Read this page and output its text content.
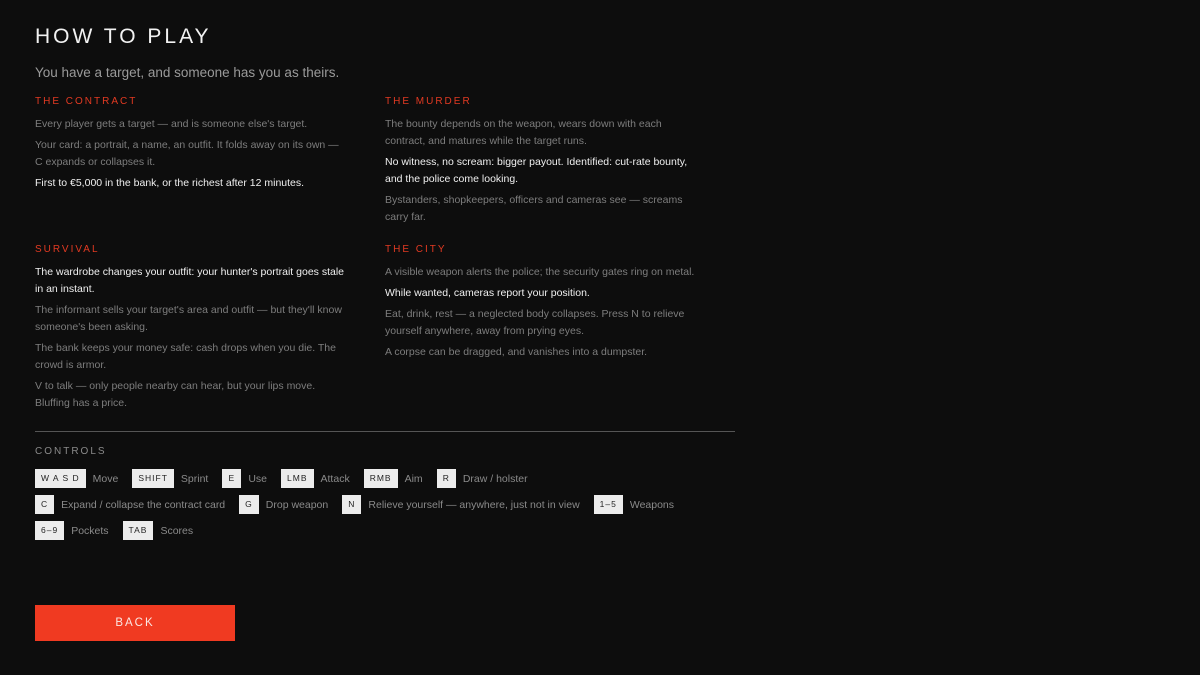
HOW TO PLAY
You have a target, and someone has you as theirs.
THE CONTRACT

Every player gets a target — and is someone else's target.

Your card: a portrait, a name, an outfit. It folds away on its own — C expands or collapses it.

First to €5,000 in the bank, or the richest after 12 minutes.

THE MURDER

The bounty depends on the weapon, wears down with each contract, and matures while the target runs.

No witness, no scream: bigger payout. Identified: cut-rate bounty, and the police come looking.

Bystanders, shopkeepers, officers and cameras see — screams carry far.

SURVIVAL

The wardrobe changes your outfit: your hunter's portrait goes stale in an instant.

The informant sells your target's area and outfit — but they'll know someone's been asking.

The bank keeps your money safe: cash drops when you die. The crowd is armor.

V to talk — only people nearby can hear, but your lips move. Bluffing has a price.

THE CITY

A visible weapon alerts the police; the security gates ring on metal.

While wanted, cameras report your position.

Eat, drink, rest — a neglected body collapses. Press N to relieve yourself anywhere, away from prying eyes.

A corpse can be dragged, and vanishes into a dumpster.

CONTROLS
W A S D	Move	SHIFT	Sprint	E	Use	LMB	Attack	RMB	Aim	R	Draw / holster
C	Expand / collapse the contract card	G	Drop weapon	N	Relieve yourself — anywhere, just not in view	1–5	Weapons
6–9	Pockets	TAB	Scores
BACK
